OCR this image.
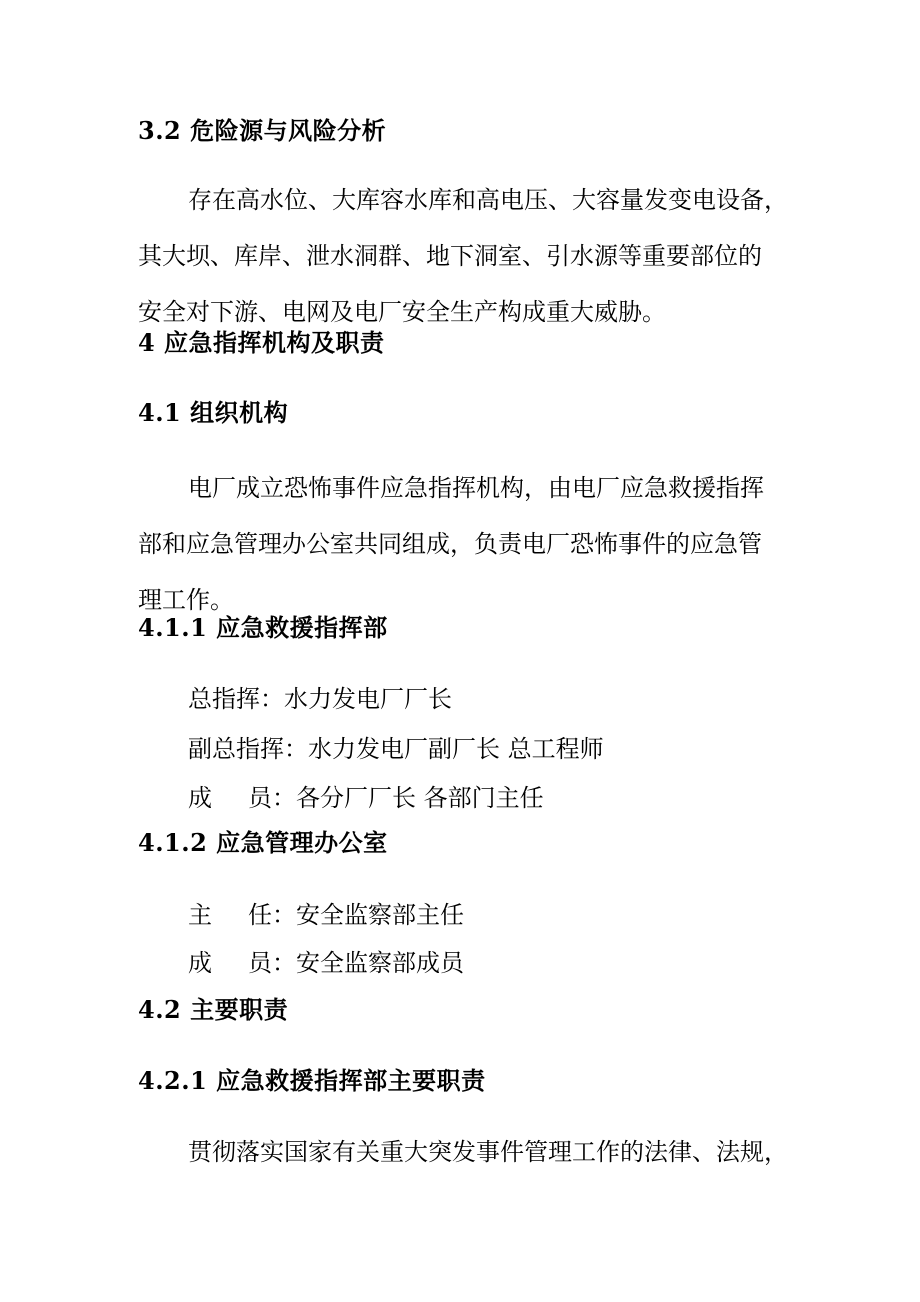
3.2 危险源与风险分析
存在高水位、大库容水库和高电压、大容量发变电设备，
其大坝、库岸、泄水洞群、地下洞室、引水源等重要部位的
安全对下游、电网及电厂安全生产构成重大威胁。
4 应急指挥机构及职责
4.1 组织机构
电厂成立恐怖事件应急指挥机构，由电厂应急救援指挥
部和应急管理办公室共同组成，负责电厂恐怖事件的应急管
理工作。
4.1.1 应急救援指挥部
总指挥：水力发电厂厂长
副总指挥：水力发电厂副厂长 总工程师
成 员：各分厂厂长 各部门主任
4.1.2 应急管理办公室
主 任：安全监察部主任
成 员：安全监察部成员
4.2 主要职责
4.2.1 应急救援指挥部主要职责
贯彻落实国家有关重大突发事件管理工作的法律、法规，
